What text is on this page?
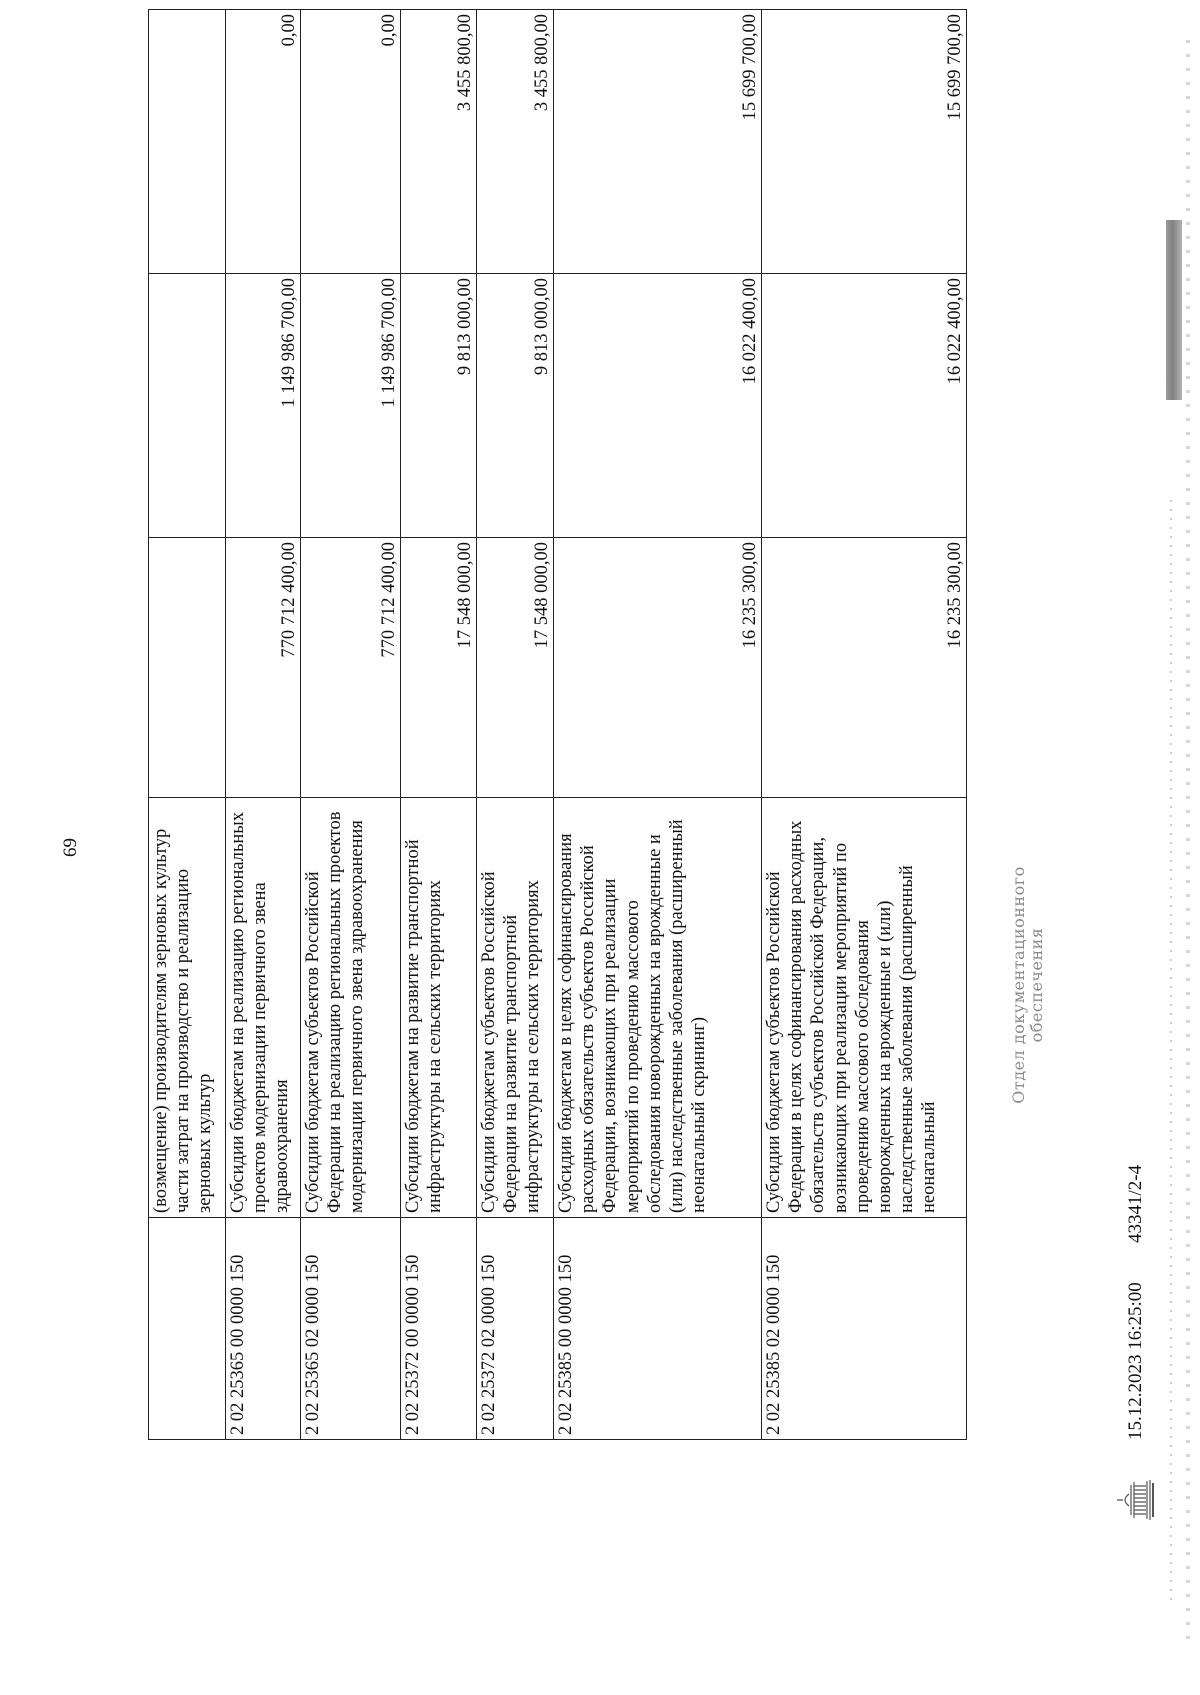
69
		(возмещение) производителям зерновых культур части затрат на производство и реализацию зерновых культур			
2 02 25365 00 0000 150	Субсидии бюджетам на реализацию региональных проектов модернизации первичного звена здравоохранения	770 712 400,00	1 149 986 700,00	0,00
2 02 25365 02 0000 150	Субсидии бюджетам субъектов Российской Федерации на реализацию региональных проектов модернизации первичного звена здравоохранения	770 712 400,00	1 149 986 700,00	0,00
2 02 25372 00 0000 150	Субсидии бюджетам на развитие транспортной инфраструктуры на сельских территориях	17 548 000,00	9 813 000,00	3 455 800,00
2 02 25372 02 0000 150	Субсидии бюджетам субъектов Российской Федерации на развитие транспортной инфраструктуры на сельских территориях	17 548 000,00	9 813 000,00	3 455 800,00
2 02 25385 00 0000 150	Субсидии бюджетам в целях софинансирования расходных обязательств субъектов Российской Федерации, возникающих при реализации мероприятий по проведению массового обследования новорожденных на врожденные и (или) наследственные заболевания (расширенный неонатальный скрининг)	16 235 300,00	16 022 400,00	15 699 700,00
2 02 25385 02 0000 150	Субсидии бюджетам субъектов Российской Федерации в целях софинансирования расходных обязательств субъектов Российской Федерации, возникающих при реализации мероприятий по проведению массового обследования новорожденных на врожденные и (или) наследственные заболевания (расширенный неонатальный	16 235 300,00	16 022 400,00	15 699 700,00
Отдел документационного обеспечения
15.12.2023 16:25:00
43341/2-4
